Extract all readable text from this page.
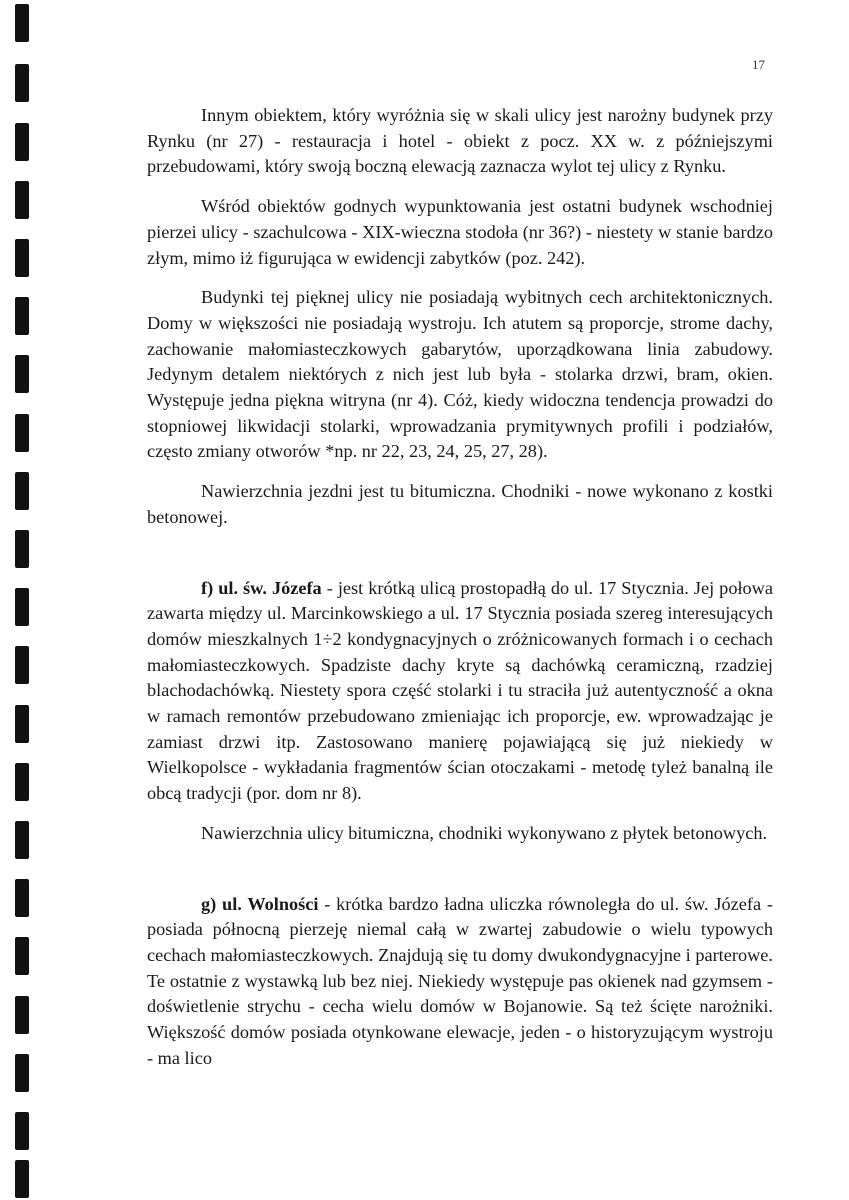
17

Innym obiektem, który wyróżnia się w skali ulicy jest narożny budynek przy Rynku (nr 27) - restauracja i hotel - obiekt z pocz. XX w. z późniejszymi przebudowami, który swoją boczną elewacją zaznacza wylot tej ulicy z Rynku.

Wśród obiektów godnych wypunktowania jest ostatni budynek wschodniej pierzei ulicy - szachulcowa - XIX-wieczna stodoła (nr 36?) - niestety w stanie bardzo złym, mimo iż figurująca w ewidencji zabytków (poz. 242).

Budynki tej pięknej ulicy nie posiadają wybitnych cech architektonicznych. Domy w większości nie posiadają wystroju. Ich atutem są proporcje, strome dachy, zachowanie małomiasteczkowych gabarytów, uporządkowana linia zabudowy. Jedynym detalem niektórych z nich jest lub była - stolarka drzwi, bram, okien. Występuje jedna piękna witryna (nr 4). Cóż, kiedy widoczna tendencja prowadzi do stopniowej likwidacji stolarki, wprowadzania prymitywnych profili i podziałów, często zmiany otworów *np. nr 22, 23, 24, 25, 27, 28).

Nawierzchnia jezdni jest tu bitumiczna. Chodniki - nowe wykonano z kostki betonowej.

f) ul. św. Józefa - jest krótką ulicą prostopadłą do ul. 17 Stycznia. Jej połowa zawarta między ul. Marcinkowskiego a ul. 17 Stycznia posiada szereg interesujących domów mieszkalnych 1÷2 kondygnacyjnych o zróżnicowanych formach i o cechach małomiasteczkowych. Spadziste dachy kryte są dachówką ceramiczną, rzadziej blachodachówką. Niestety spora część stolarki i tu straciła już autentyczność a okna w ramach remontów przebudowano zmieniając ich proporcje, ew. wprowadzając je zamiast drzwi itp. Zastosowano manierę pojawiającą się już niekiedy w Wielkopolsce - wykładania fragmentów ścian otoczakami - metodę tyleż banalną ile obcą tradycji (por. dom nr 8).

Nawierzchnia ulicy bitumiczna, chodniki wykonywano z płytek betonowych.

g) ul. Wolności - krótka bardzo ładna uliczka równoległa do ul. św. Józefa - posiada północną pierzeję niemal całą w zwartej zabudowie o wielu typowych cechach małomiasteczkowych. Znajdują się tu domy dwukondygnacyjne i parterowe. Te ostatnie z wystawką lub bez niej. Niekiedy występuje pas okienek nad gzymsem - doświetlenie strychu - cecha wielu domów w Bojanowie. Są też ścięte narożniki. Większość domów posiada otynkowane elewacje, jeden - o historyzującym wystroju - ma lico
